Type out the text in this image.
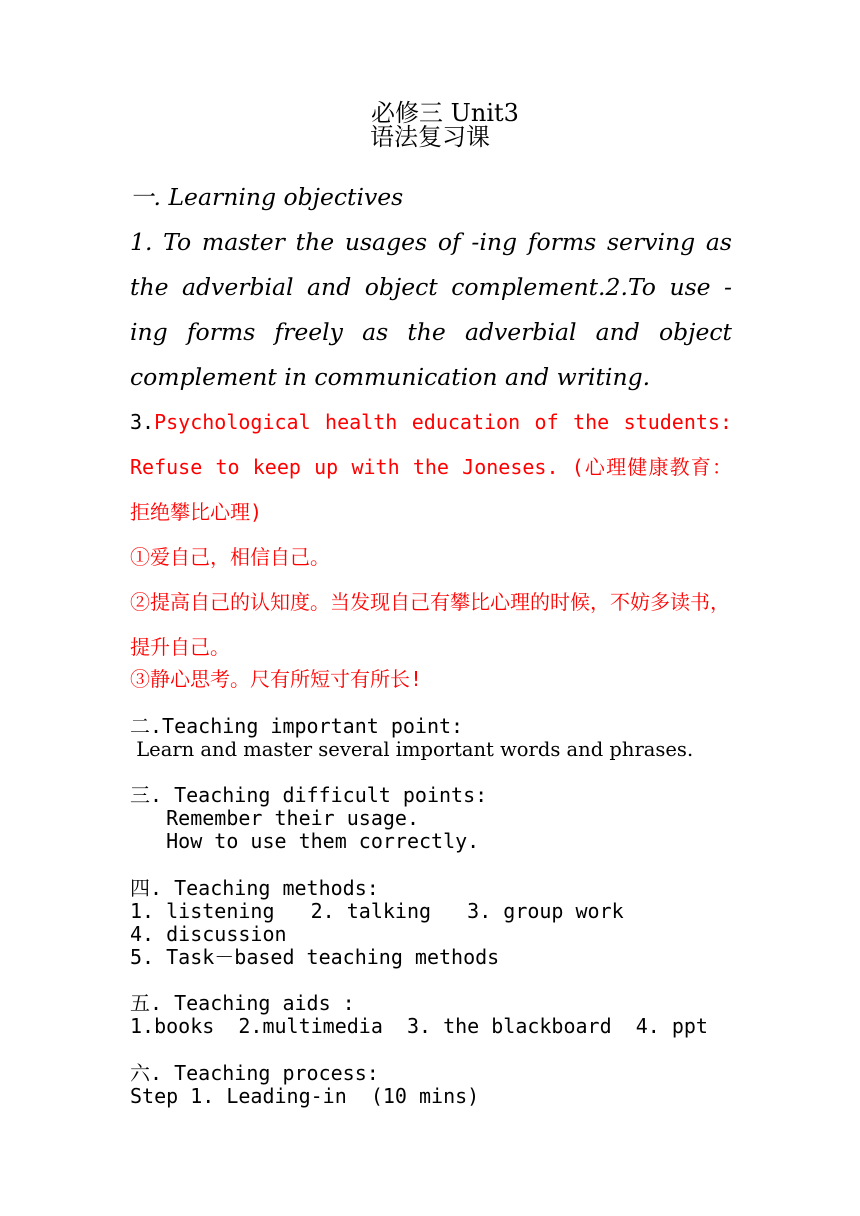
必修三 Unit3
语法复习课
一. Learning objectives
1. To master the usages of -ing forms serving as the adverbial and object complement.2.To use -ing forms freely as the adverbial and object complement in communication and writing.
3.Psychological health education of the students: Refuse to keep up with the Joneses. (心理健康教育：拒绝攀比心理)
①爱自己，相信自己。
②提高自己的认知度。当发现自己有攀比心理的时候，不妨多读书，提升自己。
③静心思考。尺有所短寸有所长!
二.Teaching important point:
Learn and master several important words and phrases.
三. Teaching difficult points:
Remember their usage.
How to use them correctly.
四. Teaching methods:
1. listening   2. talking   3. group work
4. discussion
5. Task－based teaching methods
五. Teaching aids :
1.books  2.multimedia  3. the blackboard  4. ppt
六. Teaching process:
Step 1. Leading-in  (10 mins)
